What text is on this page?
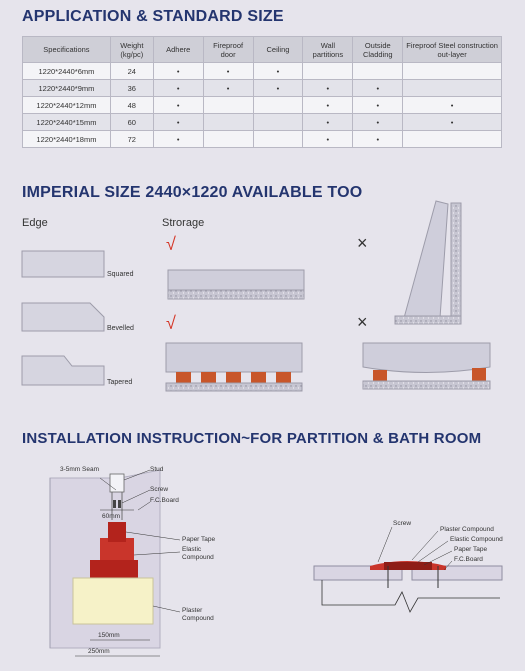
APPLICATION & STANDARD SIZE
Specifications	Weight (kg/pc)	Adhere	Fireproof door	Ceiling	Wall partitions	Outside Cladding	Fireproof Steel construction out-layer
1220*2440*6mm	24	•	•	•			
1220*2440*9mm	36	•	•	•	•	•	
1220*2440*12mm	48	•			•	•	•
1220*2440*15mm	60	•			•	•	•
1220*2440*18mm	72	•			•	•	
IMPERIAL SIZE 2440×1220 AVAILABLE TOO
Edge	Strorage
Squared
Bevelled
Tapered
√
√
×
×
INSTALLATION INSTRUCTION~FOR PARTITION & BATH ROOM
3-5mm Seam	Stud
Screw
F.C.Board
60mm
Paper Tape
Elastic Compound
Plaster Compound
150mm
250mm
Screw
Plaster Compound
Elastic Compound
Paper Tape
F.C.Board
